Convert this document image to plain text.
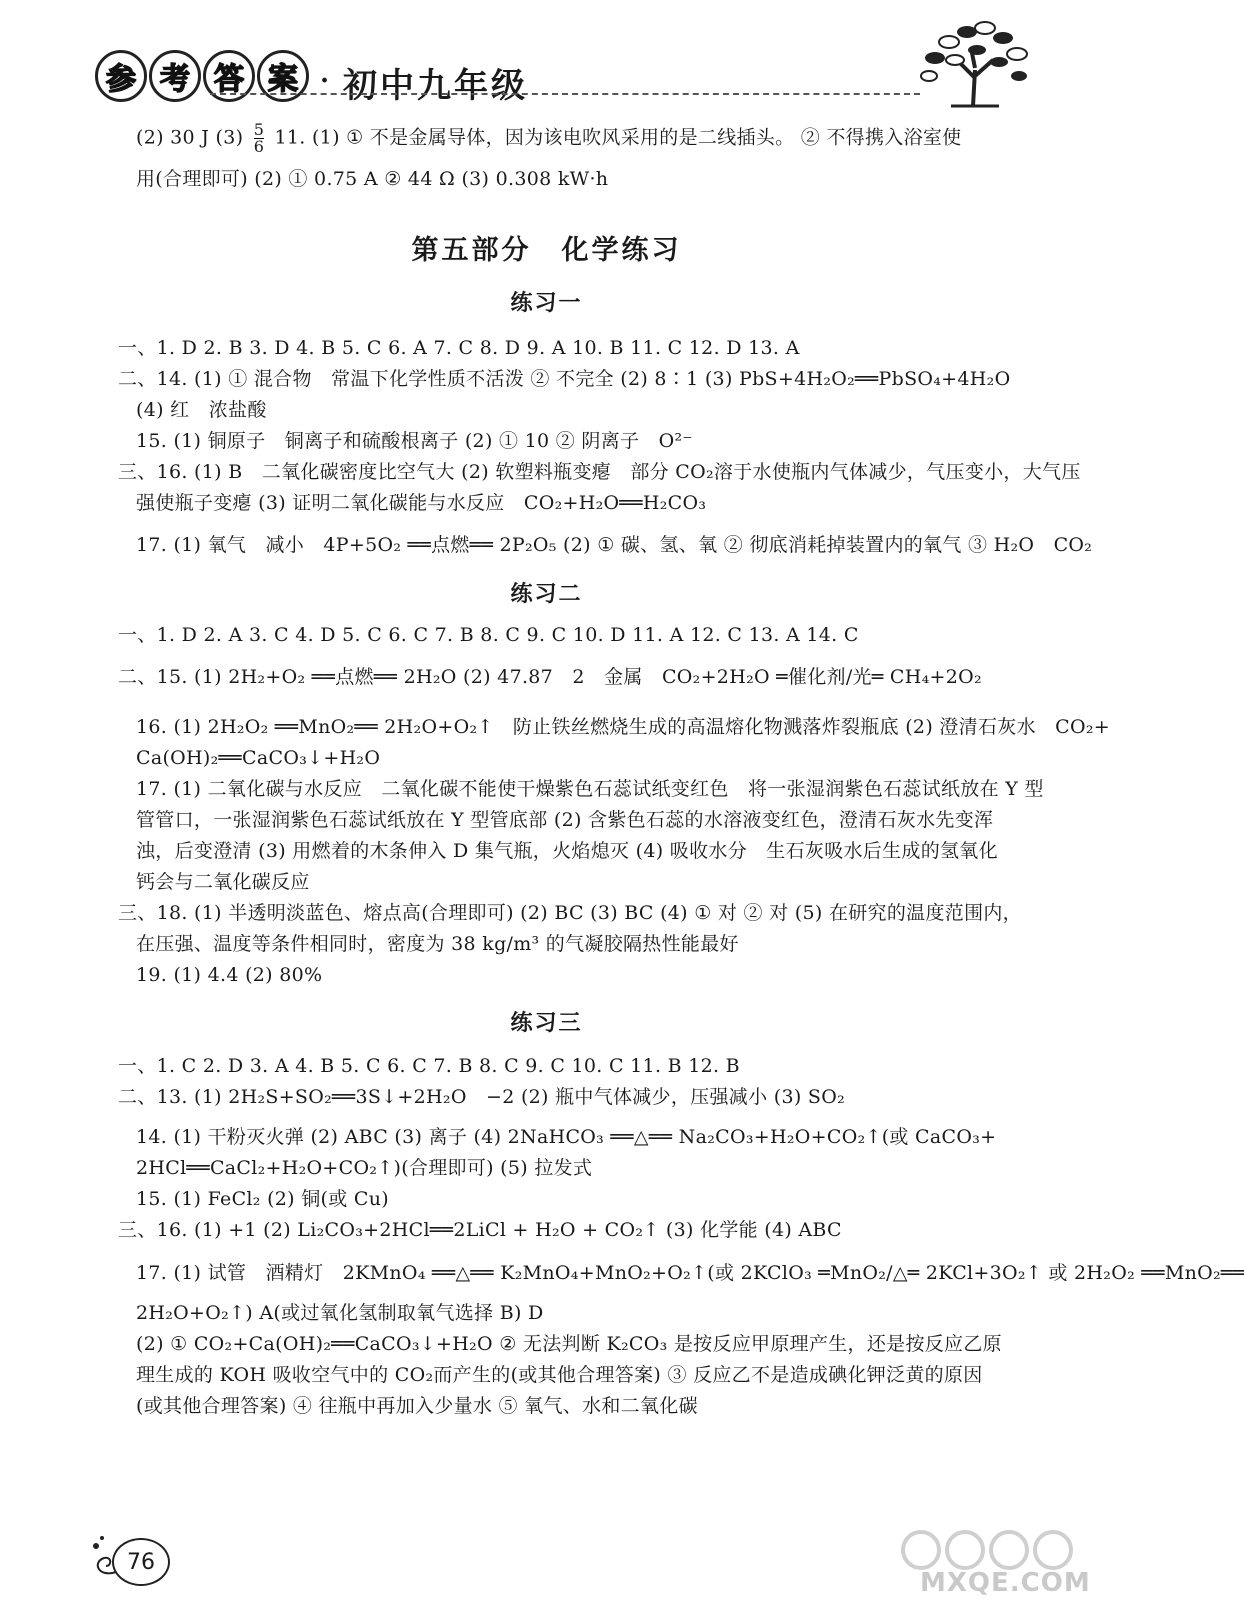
参 考 答 案 · 初中九年级
(2) 30 J $(3) \frac{5}{6} 11$. (1) ① 不是金属导体，因为该电吹风采用的是二线插头。 ② 不得携入浴室使
用(合理即可) (2) ① 0.75 A ② 44 Ω (3) 0.308 kW·h
第五部分　化学练习
练习一
一、1. D 2. B 3. D 4. B 5. C 6. A 7. C 8. D 9. A 10. B 11. C 12. D 13. A
二、14. (1) ① 混合物　常温下化学性质不活泼 ② 不完全 (2) 8∶1 (3) PbS+4H₂O₂══PbSO₄+4H₂O
(4) 红　浓盐酸
15. (1) 铜原子　铜离子和硫酸根离子 (2) ① 10 ② 阴离子　O²⁻
三、16. (1) B　二氧化碳密度比空气大 (2) 软塑料瓶变瘪　部分 CO₂溶于水使瓶内气体减少，气压变小，大气压
强使瓶子变瘪 (3) 证明二氧化碳能与水反应　CO₂+H₂O══H₂CO₃
17. (1) 氧气　减小　4P+5O₂ ══点燃══ 2P₂O₅ (2) ① 碳、氢、氧 ② 彻底消耗掉装置内的氧气 ③ H₂O　CO₂
练习二
一、1. D 2. A 3. C 4. D 5. C 6. C 7. B 8. C 9. C 10. D 11. A 12. C 13. A 14. C
二、15. (1) 2H₂+O₂ ══点燃══ 2H₂O (2) 47.87　2　金属　CO₂+2H₂O ═催化剂/光═ CH₄+2O₂
16. (1) 2H₂O₂ ══MnO₂══ 2H₂O+O₂↑　防止铁丝燃烧生成的高温熔化物溅落炸裂瓶底 (2) 澄清石灰水　CO₂+
Ca(OH)₂══CaCO₃↓+H₂O
17. (1) 二氧化碳与水反应　二氧化碳不能使干燥紫色石蕊试纸变红色　将一张湿润紫色石蕊试纸放在 Y 型
管管口，一张湿润紫色石蕊试纸放在 Y 型管底部 (2) 含紫色石蕊的水溶液变红色，澄清石灰水先变浑
浊，后变澄清 (3) 用燃着的木条伸入 D 集气瓶，火焰熄灭 (4) 吸收水分　生石灰吸水后生成的氢氧化
钙会与二氧化碳反应
三、18. (1) 半透明淡蓝色、熔点高(合理即可) (2) BC (3) BC (4) ① 对 ② 对 (5) 在研究的温度范围内，
在压强、温度等条件相同时，密度为 38 kg/m³ 的气凝胶隔热性能最好
19. (1) 4.4 (2) 80%
练习三
一、1. C 2. D 3. A 4. B 5. C 6. C 7. B 8. C 9. C 10. C 11. B 12. B
二、13. (1) 2H₂S+SO₂══3S↓+2H₂O　−2 (2) 瓶中气体减少，压强减小 (3) SO₂
14. (1) 干粉灭火弹 (2) ABC (3) 离子 (4) 2NaHCO₃ ══△══ Na₂CO₃+H₂O+CO₂↑(或 CaCO₃+
2HCl══CaCl₂+H₂O+CO₂↑)(合理即可) (5) 拉发式
15. (1) FeCl₂ (2) 铜(或 Cu)
三、16. (1) +1 (2) Li₂CO₃+2HCl══2LiCl + H₂O + CO₂↑ (3) 化学能 (4) ABC
17. (1) 试管　酒精灯　2KMnO₄ ══△══ K₂MnO₄+MnO₂+O₂↑(或 2KClO₃ ═MnO₂/△═ 2KCl+3O₂↑ 或 2H₂O₂ ══MnO₂══
2H₂O+O₂↑) A(或过氧化氢制取氧气选择 B) D
(2) ① CO₂+Ca(OH)₂══CaCO₃↓+H₂O ② 无法判断 K₂CO₃ 是按反应甲原理产生，还是按反应乙原
理生成的 KOH 吸收空气中的 CO₂而产生的(或其他合理答案) ③ 反应乙不是造成碘化钾泛黄的原因
(或其他合理答案) ④ 往瓶中再加入少量水 ⑤ 氧气、水和二氧化碳
76
MXQE.COM
